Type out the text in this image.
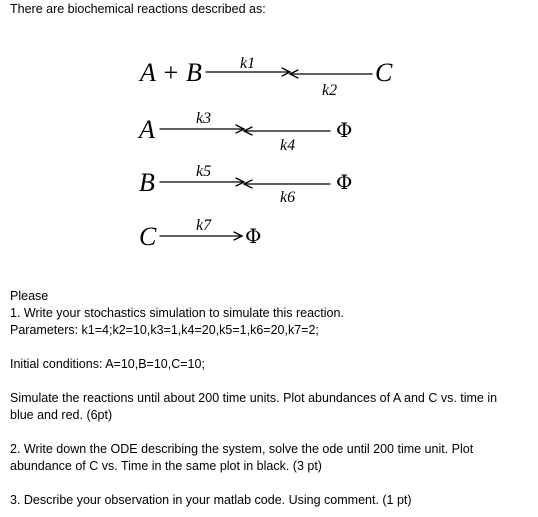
There are biochemical reactions described as:

A + B k1
k2
C
A	k3
k4
Φ
B	k5
k6
Φ
C k7 Φ

Please

1. Write your stochastics simulation to simulate this reaction.

Parameters: k1=4;k2=10,k3=1,k4=20,k5=1,k6=20,k7=2;

Initial conditions: A=10,B=10,C=10;

Simulate the reactions until about 200 time units. Plot abundances of A and C vs. time in blue and red. (6pt)

2. Write down the ODE describing the system, solve the ode until 200 time unit. Plot abundance of C vs. Time in the same plot in black. (3 pt)

3. Describe your observation in your matlab code. Using comment. (1 pt)
